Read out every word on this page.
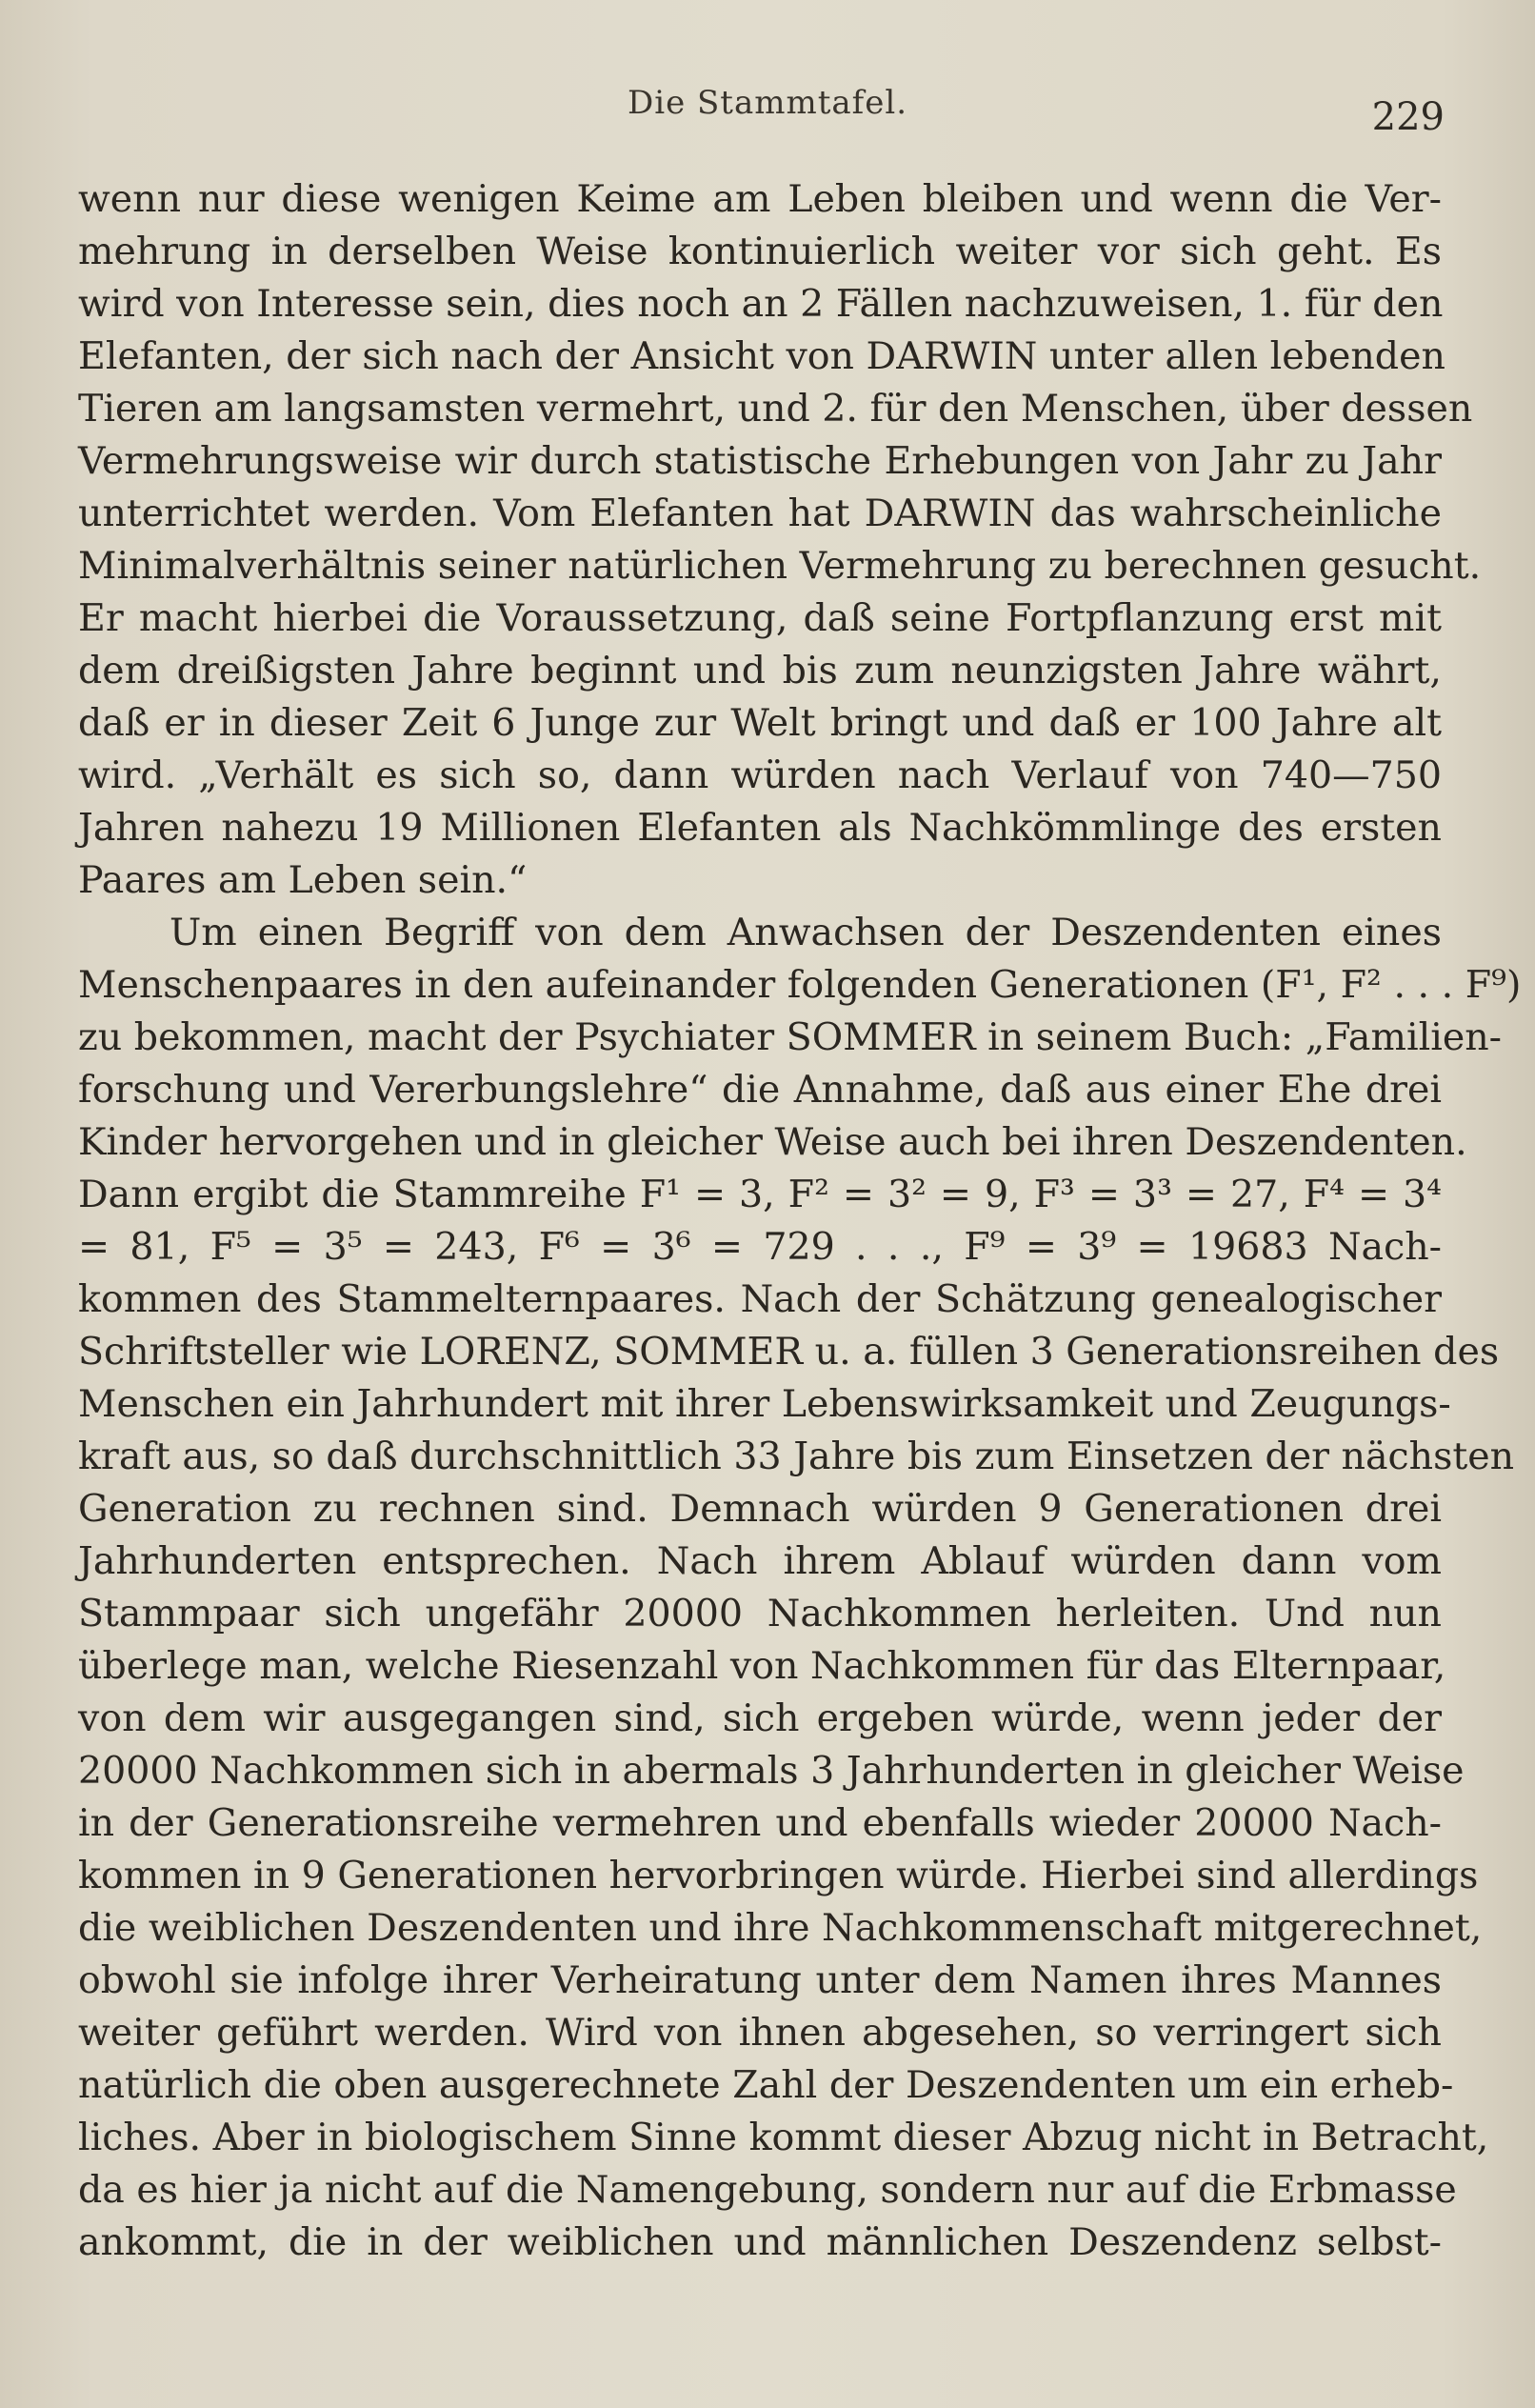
Die Stammtafel.	229
wenn nur diese wenigen Keime am Leben bleiben und wenn die Ver-
mehrung in derselben Weise kontinuierlich weiter vor sich geht. Es
wird von Interesse sein, dies noch an 2 Fällen nachzuweisen, 1. für den
Elefanten, der sich nach der Ansicht von DARWIN unter allen lebenden
Tieren am langsamsten vermehrt, und 2. für den Menschen, über dessen
Vermehrungsweise wir durch statistische Erhebungen von Jahr zu Jahr
unterrichtet werden. Vom Elefanten hat DARWIN das wahrscheinliche
Minimalverhältnis seiner natürlichen Vermehrung zu berechnen gesucht.
Er macht hierbei die Voraussetzung, daß seine Fortpflanzung erst mit
dem dreißigsten Jahre beginnt und bis zum neunzigsten Jahre währt,
daß er in dieser Zeit 6 Junge zur Welt bringt und daß er 100 Jahre alt
wird. „Verhält es sich so, dann würden nach Verlauf von 740—750
Jahren nahezu 19 Millionen Elefanten als Nachkömmlinge des ersten
Paares am Leben sein.“
Um einen Begriff von dem Anwachsen der Deszendenten eines
Menschenpaares in den aufeinander folgenden Generationen (F¹, F² . . . F⁹)
zu bekommen, macht der Psychiater SOMMER in seinem Buch: „Familien-
forschung und Vererbungslehre“ die Annahme, daß aus einer Ehe drei
Kinder hervorgehen und in gleicher Weise auch bei ihren Deszendenten.
Dann ergibt die Stammreihe F¹ = 3, F² = 3² = 9, F³ = 3³ = 27, F⁴ = 3⁴
= 81, F⁵ = 3⁵ = 243, F⁶ = 3⁶ = 729 . . ., F⁹ = 3⁹ = 19683 Nach-
kommen des Stammelternpaares. Nach der Schätzung genealogischer
Schriftsteller wie LORENZ, SOMMER u. a. füllen 3 Generationsreihen des
Menschen ein Jahrhundert mit ihrer Lebenswirksamkeit und Zeugungs-
kraft aus, so daß durchschnittlich 33 Jahre bis zum Einsetzen der nächsten
Generation zu rechnen sind. Demnach würden 9 Generationen drei
Jahrhunderten entsprechen. Nach ihrem Ablauf würden dann vom
Stammpaar sich ungefähr 20000 Nachkommen herleiten. Und nun
überlege man, welche Riesenzahl von Nachkommen für das Elternpaar,
von dem wir ausgegangen sind, sich ergeben würde, wenn jeder der
20000 Nachkommen sich in abermals 3 Jahrhunderten in gleicher Weise
in der Generationsreihe vermehren und ebenfalls wieder 20000 Nach-
kommen in 9 Generationen hervorbringen würde. Hierbei sind allerdings
die weiblichen Deszendenten und ihre Nachkommenschaft mitgerechnet,
obwohl sie infolge ihrer Verheiratung unter dem Namen ihres Mannes
weiter geführt werden. Wird von ihnen abgesehen, so verringert sich
natürlich die oben ausgerechnete Zahl der Deszendenten um ein erheb-
liches. Aber in biologischem Sinne kommt dieser Abzug nicht in Betracht,
da es hier ja nicht auf die Namengebung, sondern nur auf die Erbmasse
ankommt, die in der weiblichen und männlichen Deszendenz selbst-
